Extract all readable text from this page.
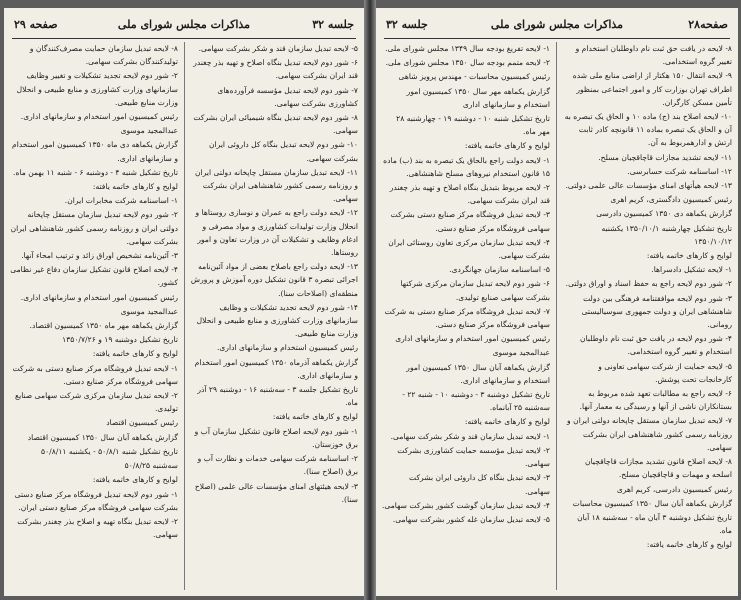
جلسه ۳۲
مذاکرات مجلس شورای ملی
صفحه ۲۹

۵- لایحه تبدیل سازمان قند و شکر بشرکت سهامی.

۶- شور دوم لایحه تبدیل بنگاه اصلاح و تهیه بذر چغندر قند ایران بشرکت سهامی.

۷- شور دوم لایحه تبدیل مؤسسه فرآورده‌های کشاورزی بشرکت سهامی.

۸- شور دوم لایحه تبدیل بنگاه شیمیائی ایران بشرکت سهامی.

۱۰- شور دوم لایحه تبدیل بنگاه کل داروئی ایران بشرکت سهامی.

۱۱- لایحه تبدیل سازمان مستقل چاپخانه دولتی ایران و روزنامه رسمی کشور شاهنشاهی ایران بشرکت سهامی.

۱۲- لایحه دولت راجع به عمران و نوسازی روستاها و انحلال وزارت تولیدات کشاورزی و مواد مصرفی و ادغام وظایف و تشکیلات آن در وزارت تعاون و امور روستاها.

۱۳- لایحه دولت راجع باصلاح بعضی از مواد آئین‌نامه اجرائی تبصره ۳ قانون تشکیل دوره آموزش و پرورش منطقه‌ای (اصلاحات سنا).

۱۴- شور دوم لایحه تجدید تشکیلات و وظایف سازمانهای وزارت کشاورزی و منابع طبیعی و انحلال وزارت منابع طبیعی.

رئیس کمیسیون استخدام و سازمانهای اداری.

گزارش یکماهه آذرماه ۱۳۵۰ کمیسیون امور استخدام و سازمانهای اداری.

تاریخ تشکیل جلسه ۳ - سه‌شنبه ۱۶ - دوشنبه ۲۹ آذر ماه.

لوایح و کارهای خاتمه یافته:

۱- شور دوم لایحه اصلاح قانون تشکیل سازمان آب و برق خوزستان.

۲- اساسنامه شرکت سهامی خدمات و نظارت آب و برق (اصلاح سنا).

۳- لایحه هیئتهای امنای مؤسسات عالی علمی (اصلاح سنا).

۸- لایحه تبدیل سازمان حمایت مصرف‌کنندگان و تولیدکنندگان بشرکت سهامی.

۲- شور دوم لایحه تجدید تشکیلات و تغییر وظایف سازمانهای وزارت کشاورزی و منابع طبیعی و انحلال وزارت منابع طبیعی.

رئیس کمیسیون امور استخدام و سازمانهای اداری.

عبدالمجید موسوی

گزارش یکماهه دی ماه ۱۳۵۰ کمیسیون امور استخدام و سازمانهای اداری.

تاریخ تشکیل شنبه ۴ - دوشنبه ۶ - شنبه ۱۱ بهمن ماه.

لوایح و کارهای خاتمه یافته:

۱- اساسنامه شرکت مخابرات ایران.

۲- شور دوم لایحه تبدیل سازمان مستقل چاپخانه دولتی ایران و روزنامه رسمی کشور شاهنشاهی ایران بشرکت سهامی.

۳- آئین‌نامه تشخیص اوراق زائد و ترتیب امحاء آنها.

۴- لایحه اصلاح قانون تشکیل سازمان دفاع غیر نظامی کشور.

رئیس کمیسیون امور استخدام و سازمانهای اداری.

عبدالمجید موسوی

گزارش یکماهه مهر ماه ۱۳۵۰ کمیسیون اقتصاد.

تاریخ تشکیل دوشنبه ۱۹ و ۱۳۵۰/۷/۲۶

لوایح و کارهای خاتمه یافته:

۱- لایحه تبدیل فروشگاه مرکز صنایع دستی به شرکت سهامی فروشگاه مرکز صنایع دستی.

۲- لایحه تبدیل سازمان مرکزی شرکت سهامی صنایع تولیدی.

رئیس کمیسیون اقتصاد

گزارش یکماهه آبان سال ۱۳۵۰ کمیسیون اقتصاد

تاریخ تشکیل شنبه ۵۰/۸/۱ - یکشنبه ۵۰/۸/۱۱

سه‌شنبه ۵۰/۸/۲۵

لوایح و کارهای خاتمه یافته:

۱- شور دوم لایحه تبدیل فروشگاه مرکز صنایع دستی بشرکت سهامی فروشگاه مرکز صنایع دستی ایران.

۲- لایحه تبدیل بنگاه تهیه و اصلاح بذر چغندر بشرکت سهامی.

صفحه۲۸
مذاکرات مجلس شورای ملی
جلسه ۳۲

۸- لایحه در یافت حق ثبت نام داوطلبان استخدام و تغییر گروه استخدامی.

۹- لایحه انتقال ۱۵۰ هکتار از اراضی منابع ملی شده اطراف تهران بوزارت کار و امور اجتماعی بمنظور تأمین مسکن کارگران.

۱۰- لایحه اصلاح بند (ج) ماده ۱۰ و الحاق یک تبصره به آن و الحاق یک تبصره بماده ۱۱ قانونچه کادر ثابت ارتش و ادارهمربوط به آن.

۱۱- لایحه تشدید مجازات قاچاقچیان مسلح.

۱۲- اساسنامه شرکت حسابرسی.

۱۳- لایحه هیأتهای امنای مؤسسات عالی علمی دولتی.

رئیس کمیسیون دادگستری، کریم اهری

گزارش یکماهه دی ۱۳۵۰ کمیسیون دادرسی

تاریخ تشکیل چهارشنبه ۱۳۵۰/۱۰/۱ یکشنبه ۱۳۵۰/۱۰/۱۲

لوایح و کارهای خاتمه یافته:

۱- لایحه تشکیل دادسراها.

۲- شور دوم لایحه راجع به حفظ اسناد و اوراق دولتی.

۳- شور دوم لایحه موافقتنامه فرهنگی بین دولت شاهنشاهی ایران و دولت جمهوری سوسیالیستی رومانی.

۴- شور دوم لایحه در یافت حق ثبت نام داوطلبان استخدام و تغییر گروه استخدامی.

۵- لایحه حمایت از شرکت سهامی تعاونی و کارخانجات تحت پوشش.

۶- لایحه راجع به مطالبات تعهد شده مربوط به بستانکاران ناشی از آنها و رسیدگی به معمار آنها.

۷- لایحه تبدیل سازمان مستقل چاپخانه دولتی ایران و روزنامه رسمی کشور شاهنشاهی ایران بشرکت سهامی.

۸- لایحه اصلاح قانون تشدید مجازات قاچاقچیان اسلحه و مهمات و قاچاقچیان مسلح.

رئیس کمیسیون دادرسی، کریم اهری

گزارش یکماهه آبان سال ۱۳۵۰ کمیسیون محاسبات

تاریخ تشکیل دوشنبه ۳ آبان ماه - سه‌شنبه ۱۸ آبان ماه.

لوایح و کارهای خاتمه یافته:

۱- لایحه تفریغ بودجه سال ۱۳۴۹ مجلس شورای ملی.

۲- لایحه متمم بودجه سال ۱۳۵۰ مجلس شورای ملی.

رئیس کمیسیون محاسبات - مهندس پرویز شاهی

گزارش یکماهه مهر سال ۱۳۵۰ کمیسیون امور استخدام و سازمانهای اداری

تاریخ تشکیل شنبه ۱۰ - دوشنبه ۱۹ - چهارشنبه ۲۸ مهر ماه.

لوایح و کارهای خاتمه یافته:

۱- لایحه دولت راجع بالحاق یک تبصره به بند (ب) ماده ۱۵ قانون استخدام نیروهای مسلح شاهنشاهی.

۲- لایحه مربوط بتبدیل بنگاه اصلاح و تهیه بذر چغندر قند ایران بشرکت سهامی.

۳- لایحه تبدیل فروشگاه مرکز صنایع دستی بشرکت سهامی فروشگاه مرکز صنایع دستی.

۴- لایحه تبدیل سازمان مرکزی تعاون روستائی ایران بشرکت سهامی.

۵- اساسنامه سازمان جهانگردی.

۶- شور دوم لایحه تبدیل سازمان مرکزی شرکتها بشرکت سهامی صنایع تولیدی.

۷- لایحه تبدیل فروشگاه مرکز صنایع دستی به شرکت سهامی فروشگاه مرکز صنایع دستی.

رئیس کمیسیون امور استخدام و سازمانهای اداری

عبدالمجید موسوی

گزارش یکماهه آبان سال ۱۳۵۰ کمیسیون امور استخدام و سازمانهای اداری.

تاریخ تشکیل دوشنبه ۳ - دوشنبه ۱۰ - شنبه ۲۲ - سه‌شنبه ۲۵ آبانماه.

لوایح و کارهای خاتمه یافته:

۱- لایحه تبدیل سازمان قند و شکر بشرکت سهامی.

۲- لایحه تبدیل مؤسسه حمایت کشاورزی بشرکت سهامی.

۳- لایحه تبدیل بنگاه کل داروئی ایران بشرکت سهامی.

۴- لایحه تبدیل سازمان گوشت کشور بشرکت سهامی.

۵- لایحه تبدیل سازمان غله کشور بشرکت سهامی.
